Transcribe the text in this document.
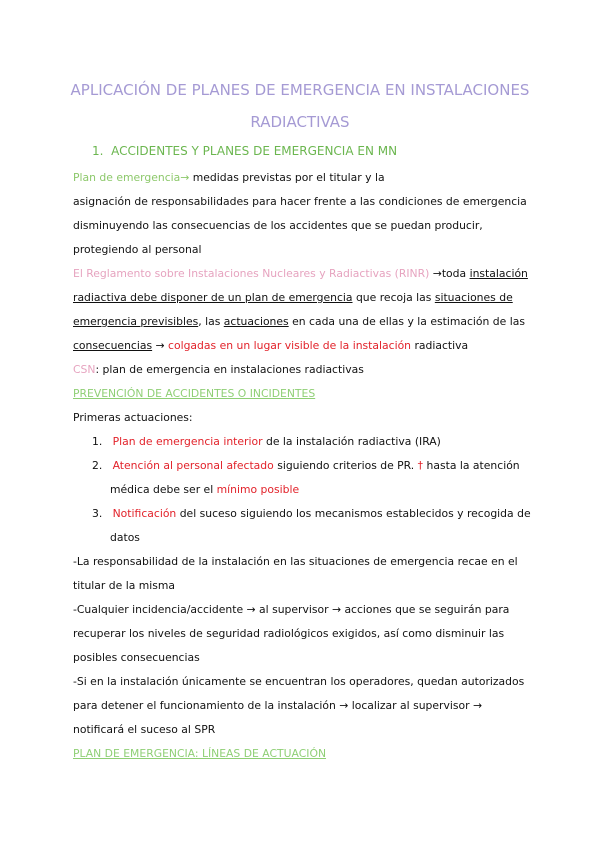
APLICACIÓN DE PLANES DE EMERGENCIA EN INSTALACIONES
RADIACTIVAS
1. ACCIDENTES Y PLANES DE EMERGENCIA EN MN
Plan de emergencia→ medidas previstas por el titular y la
asignación de responsabilidades para hacer frente a las condiciones de emergencia
disminuyendo las consecuencias de los accidentes que se puedan producir,
protegiendo al personal
El Reglamento sobre Instalaciones Nucleares y Radiactivas (RINR) →toda instalación
radiactiva debe disponer de un plan de emergencia que recoja las situaciones de
emergencia previsibles, las actuaciones en cada una de ellas y la estimación de las
consecuencias → colgadas en un lugar visible de la instalación radiactiva
CSN: plan de emergencia en instalaciones radiactivas
PREVENCIÓN DE ACCIDENTES O INCIDENTES
Primeras actuaciones:
1. Plan de emergencia interior de la instalación radiactiva (IRA)
2. Atención al personal afectado siguiendo criterios de PR. † hasta la atención
médica debe ser el mínimo posible
3. Notificación del suceso siguiendo los mecanismos establecidos y recogida de
datos
-La responsabilidad de la instalación en las situaciones de emergencia recae en el
titular de la misma
-Cualquier incidencia/accidente → al supervisor → acciones que se seguirán para
recuperar los niveles de seguridad radiológicos exigidos, así como disminuir las
posibles consecuencias
-Si en la instalación únicamente se encuentran los operadores, quedan autorizados
para detener el funcionamiento de la instalación → localizar al supervisor →
notificará el suceso al SPR
PLAN DE EMERGENCIA: LÍNEAS DE ACTUACIÓN
